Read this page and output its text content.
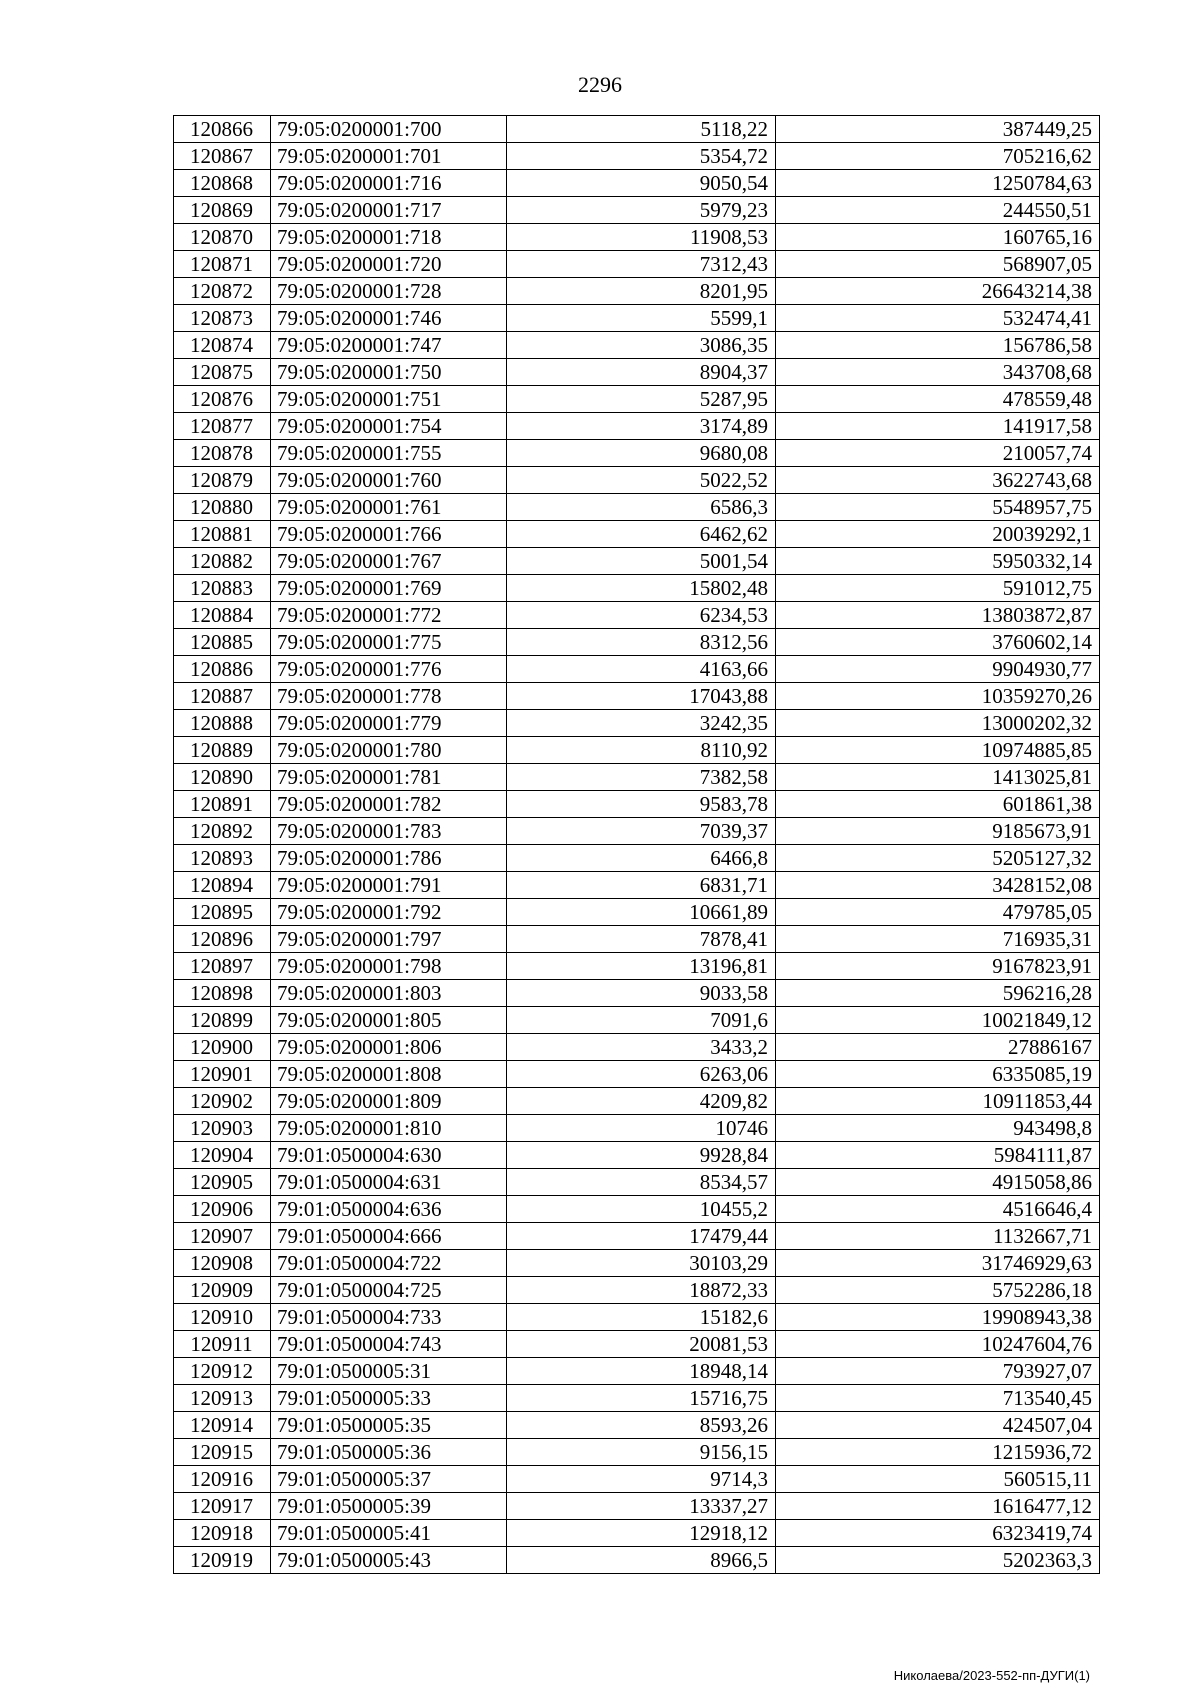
2296
120866	79:05:0200001:700	5118,22	387449,25
120867	79:05:0200001:701	5354,72	705216,62
120868	79:05:0200001:716	9050,54	1250784,63
120869	79:05:0200001:717	5979,23	244550,51
120870	79:05:0200001:718	11908,53	160765,16
120871	79:05:0200001:720	7312,43	568907,05
120872	79:05:0200001:728	8201,95	26643214,38
120873	79:05:0200001:746	5599,1	532474,41
120874	79:05:0200001:747	3086,35	156786,58
120875	79:05:0200001:750	8904,37	343708,68
120876	79:05:0200001:751	5287,95	478559,48
120877	79:05:0200001:754	3174,89	141917,58
120878	79:05:0200001:755	9680,08	210057,74
120879	79:05:0200001:760	5022,52	3622743,68
120880	79:05:0200001:761	6586,3	5548957,75
120881	79:05:0200001:766	6462,62	20039292,1
120882	79:05:0200001:767	5001,54	5950332,14
120883	79:05:0200001:769	15802,48	591012,75
120884	79:05:0200001:772	6234,53	13803872,87
120885	79:05:0200001:775	8312,56	3760602,14
120886	79:05:0200001:776	4163,66	9904930,77
120887	79:05:0200001:778	17043,88	10359270,26
120888	79:05:0200001:779	3242,35	13000202,32
120889	79:05:0200001:780	8110,92	10974885,85
120890	79:05:0200001:781	7382,58	1413025,81
120891	79:05:0200001:782	9583,78	601861,38
120892	79:05:0200001:783	7039,37	9185673,91
120893	79:05:0200001:786	6466,8	5205127,32
120894	79:05:0200001:791	6831,71	3428152,08
120895	79:05:0200001:792	10661,89	479785,05
120896	79:05:0200001:797	7878,41	716935,31
120897	79:05:0200001:798	13196,81	9167823,91
120898	79:05:0200001:803	9033,58	596216,28
120899	79:05:0200001:805	7091,6	10021849,12
120900	79:05:0200001:806	3433,2	27886167
120901	79:05:0200001:808	6263,06	6335085,19
120902	79:05:0200001:809	4209,82	10911853,44
120903	79:05:0200001:810	10746	943498,8
120904	79:01:0500004:630	9928,84	5984111,87
120905	79:01:0500004:631	8534,57	4915058,86
120906	79:01:0500004:636	10455,2	4516646,4
120907	79:01:0500004:666	17479,44	1132667,71
120908	79:01:0500004:722	30103,29	31746929,63
120909	79:01:0500004:725	18872,33	5752286,18
120910	79:01:0500004:733	15182,6	19908943,38
120911	79:01:0500004:743	20081,53	10247604,76
120912	79:01:0500005:31	18948,14	793927,07
120913	79:01:0500005:33	15716,75	713540,45
120914	79:01:0500005:35	8593,26	424507,04
120915	79:01:0500005:36	9156,15	1215936,72
120916	79:01:0500005:37	9714,3	560515,11
120917	79:01:0500005:39	13337,27	1616477,12
120918	79:01:0500005:41	12918,12	6323419,74
120919	79:01:0500005:43	8966,5	5202363,3
Николаева/2023-552-пп-ДУГИ(1)
